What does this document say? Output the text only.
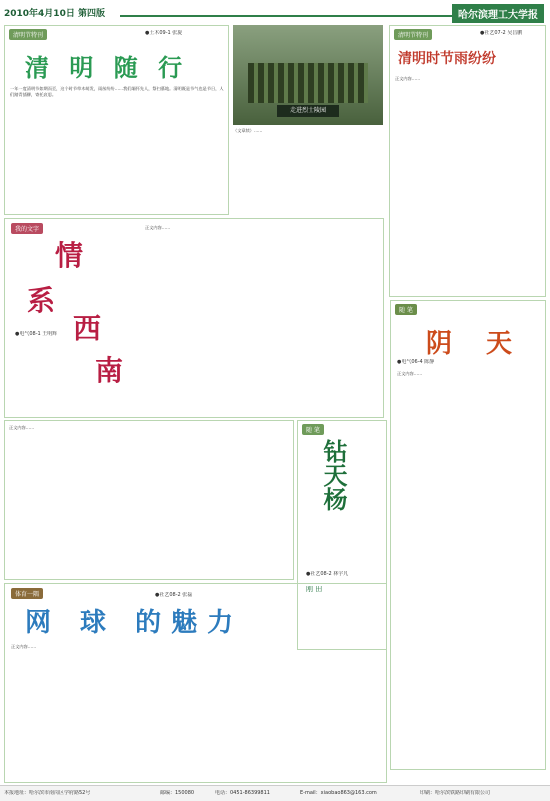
2010年4月10日 第四版	哈尔滨理工大学报
清明节特刊	●土木09-1 张旋
清 明 随 行
一年一度清明节如期而至，这个时节草木萌发，雨丝纷纷……我们缅怀先人，祭扫墓地。清明既是节气也是节日，人们踏青插柳，寄托哀思。
走进烈士陵园
（文章续）……
清明节特刊	●社艺07-2 吴昌鹏
清明时节雨纷纷
正文内容……
我的文字
情
系
西
南
●电气08-1 王明辉
正文内容……
正文内容……	随 笔
钻天杨
●社艺08-2 林宇凡
刚 田
随 笔
阴 天
●电气06-4 陈静
正文内容……
体育一隅
网 球 的魅力
●社艺08-2 张磊
正文内容……
本报地址：哈尔滨市南岗区学府路52号	邮编：150080	电话：0451-86399811	E-mail：xiaobao863@163.com	印刷：哈尔滨铁路印刷有限公司
